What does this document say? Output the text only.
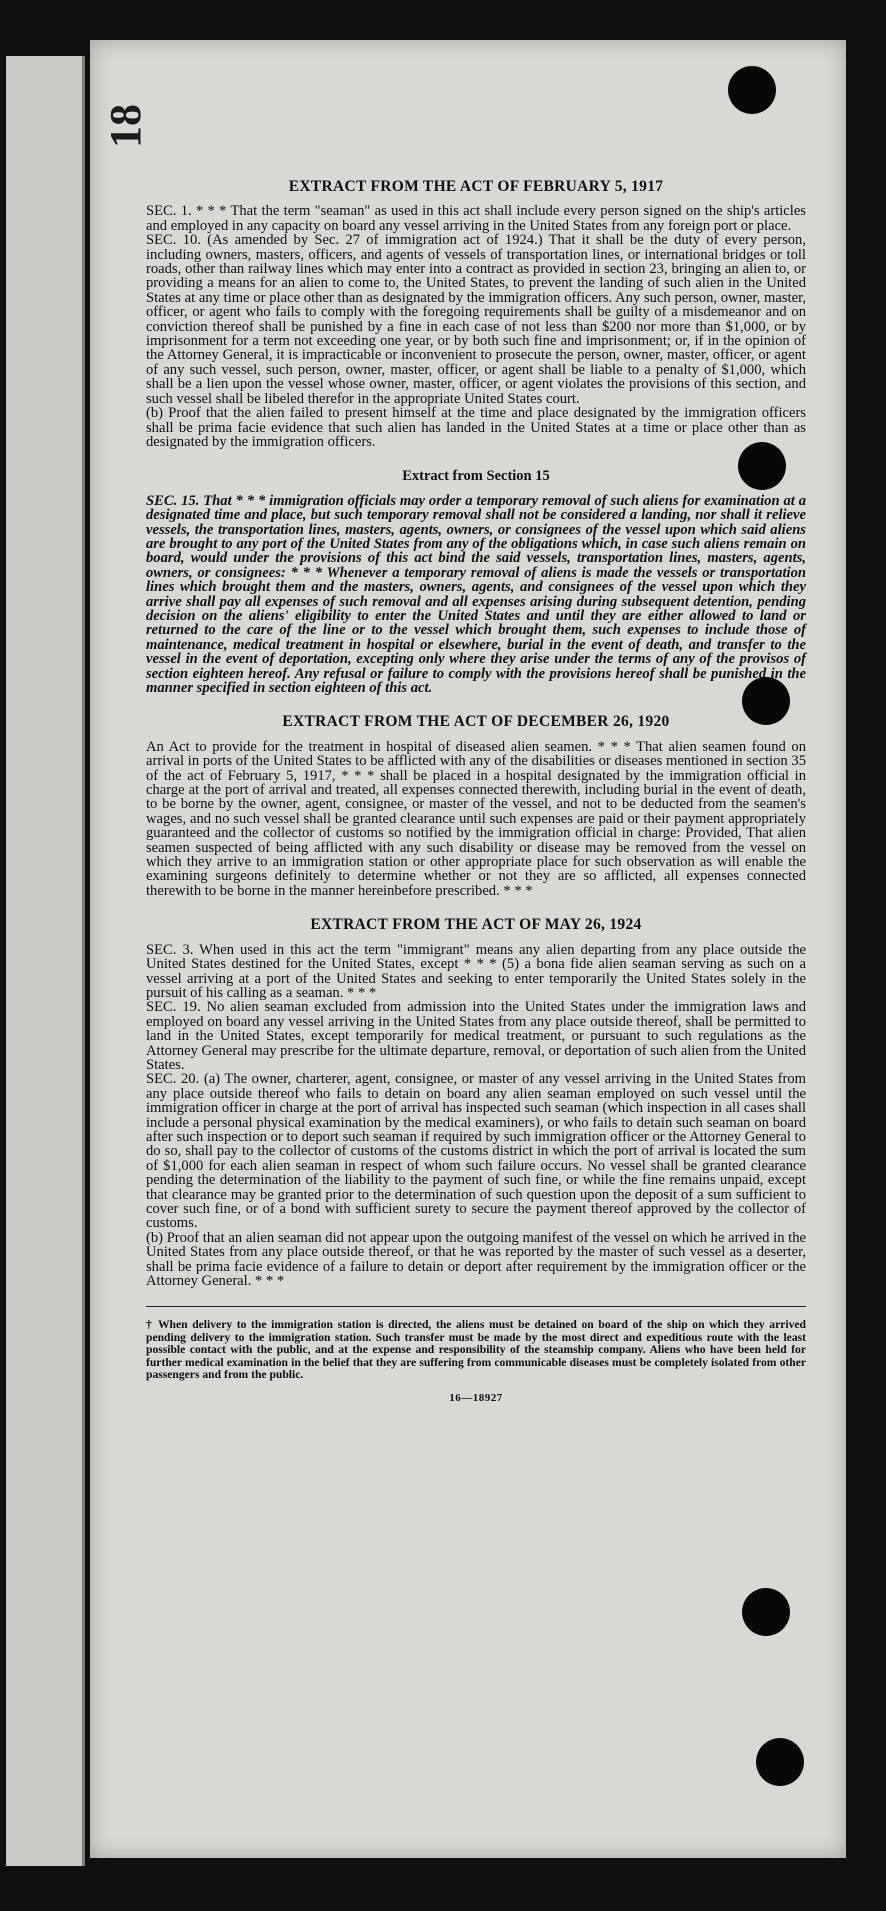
18
EXTRACT FROM THE ACT OF FEBRUARY 5, 1917

SEC. 1. * * * That the term "seaman" as used in this act shall include every person signed on the ship's articles and employed in any capacity on board any vessel arriving in the United States from any foreign port or place.

SEC. 10. (As amended by Sec. 27 of immigration act of 1924.) That it shall be the duty of every person, including owners, masters, officers, and agents of vessels of transportation lines, or international bridges or toll roads, other than railway lines which may enter into a contract as provided in section 23, bringing an alien to, or providing a means for an alien to come to, the United States, to prevent the landing of such alien in the United States at any time or place other than as designated by the immigration officers. Any such person, owner, master, officer, or agent who fails to comply with the foregoing requirements shall be guilty of a misdemeanor and on conviction thereof shall be punished by a fine in each case of not less than $200 nor more than $1,000, or by imprisonment for a term not exceeding one year, or by both such fine and imprisonment; or, if in the opinion of the Attorney General, it is impracticable or inconvenient to prosecute the person, owner, master, officer, or agent of any such vessel, such person, owner, master, officer, or agent shall be liable to a penalty of $1,000, which shall be a lien upon the vessel whose owner, master, officer, or agent violates the provisions of this section, and such vessel shall be libeled therefor in the appropriate United States court.

(b) Proof that the alien failed to present himself at the time and place designated by the immigration officers shall be prima facie evidence that such alien has landed in the United States at a time or place other than as designated by the immigration officers.

Extract from Section 15

SEC. 15. That * * * immigration officials may order a temporary removal of such aliens for examination at a designated time and place, but such temporary removal shall not be considered a landing, nor shall it relieve vessels, the transportation lines, masters, agents, owners, or consignees of the vessel upon which said aliens are brought to any port of the United States from any of the obligations which, in case such aliens remain on board, would under the provisions of this act bind the said vessels, transportation lines, masters, agents, owners, or consignees: * * * Whenever a temporary removal of aliens is made the vessels or transportation lines which brought them and the masters, owners, agents, and consignees of the vessel upon which they arrive shall pay all expenses of such removal and all expenses arising during subsequent detention, pending decision on the aliens' eligibility to enter the United States and until they are either allowed to land or returned to the care of the line or to the vessel which brought them, such expenses to include those of maintenance, medical treatment in hospital or elsewhere, burial in the event of death, and transfer to the vessel in the event of deportation, excepting only where they arise under the terms of any of the provisos of section eighteen hereof. Any refusal or failure to comply with the provisions hereof shall be punished in the manner specified in section eighteen of this act.

EXTRACT FROM THE ACT OF DECEMBER 26, 1920

An Act to provide for the treatment in hospital of diseased alien seamen. * * * That alien seamen found on arrival in ports of the United States to be afflicted with any of the disabilities or diseases mentioned in section 35 of the act of February 5, 1917, * * * shall be placed in a hospital designated by the immigration official in charge at the port of arrival and treated, all expenses connected therewith, including burial in the event of death, to be borne by the owner, agent, consignee, or master of the vessel, and not to be deducted from the seamen's wages, and no such vessel shall be granted clearance until such expenses are paid or their payment appropriately guaranteed and the collector of customs so notified by the immigration official in charge: Provided, That alien seamen suspected of being afflicted with any such disability or disease may be removed from the vessel on which they arrive to an immigration station or other appropriate place for such observation as will enable the examining surgeons definitely to determine whether or not they are so afflicted, all expenses connected therewith to be borne in the manner hereinbefore prescribed. * * *

EXTRACT FROM THE ACT OF MAY 26, 1924

SEC. 3. When used in this act the term "immigrant" means any alien departing from any place outside the United States destined for the United States, except * * * (5) a bona fide alien seaman serving as such on a vessel arriving at a port of the United States and seeking to enter temporarily the United States solely in the pursuit of his calling as a seaman. * * *

SEC. 19. No alien seaman excluded from admission into the United States under the immigration laws and employed on board any vessel arriving in the United States from any place outside thereof, shall be permitted to land in the United States, except temporarily for medical treatment, or pursuant to such regulations as the Attorney General may prescribe for the ultimate departure, removal, or deportation of such alien from the United States.

SEC. 20. (a) The owner, charterer, agent, consignee, or master of any vessel arriving in the United States from any place outside thereof who fails to detain on board any alien seaman employed on such vessel until the immigration officer in charge at the port of arrival has inspected such seaman (which inspection in all cases shall include a personal physical examination by the medical examiners), or who fails to detain such seaman on board after such inspection or to deport such seaman if required by such immigration officer or the Attorney General to do so, shall pay to the collector of customs of the customs district in which the port of arrival is located the sum of $1,000 for each alien seaman in respect of whom such failure occurs. No vessel shall be granted clearance pending the determination of the liability to the payment of such fine, or while the fine remains unpaid, except that clearance may be granted prior to the determination of such question upon the deposit of a sum sufficient to cover such fine, or of a bond with sufficient surety to secure the payment thereof approved by the collector of customs.

(b) Proof that an alien seaman did not appear upon the outgoing manifest of the vessel on which he arrived in the United States from any place outside thereof, or that he was reported by the master of such vessel as a deserter, shall be prima facie evidence of a failure to detain or deport after requirement by the immigration officer or the Attorney General. * * *

† When delivery to the immigration station is directed, the aliens must be detained on board of the ship on which they arrived pending delivery to the immigration station. Such transfer must be made by the most direct and expeditious route with the least possible contact with the public, and at the expense and responsibility of the steamship company. Aliens who have been held for further medical examination in the belief that they are suffering from communicable diseases must be completely isolated from other passengers and from the public.

16—18927
